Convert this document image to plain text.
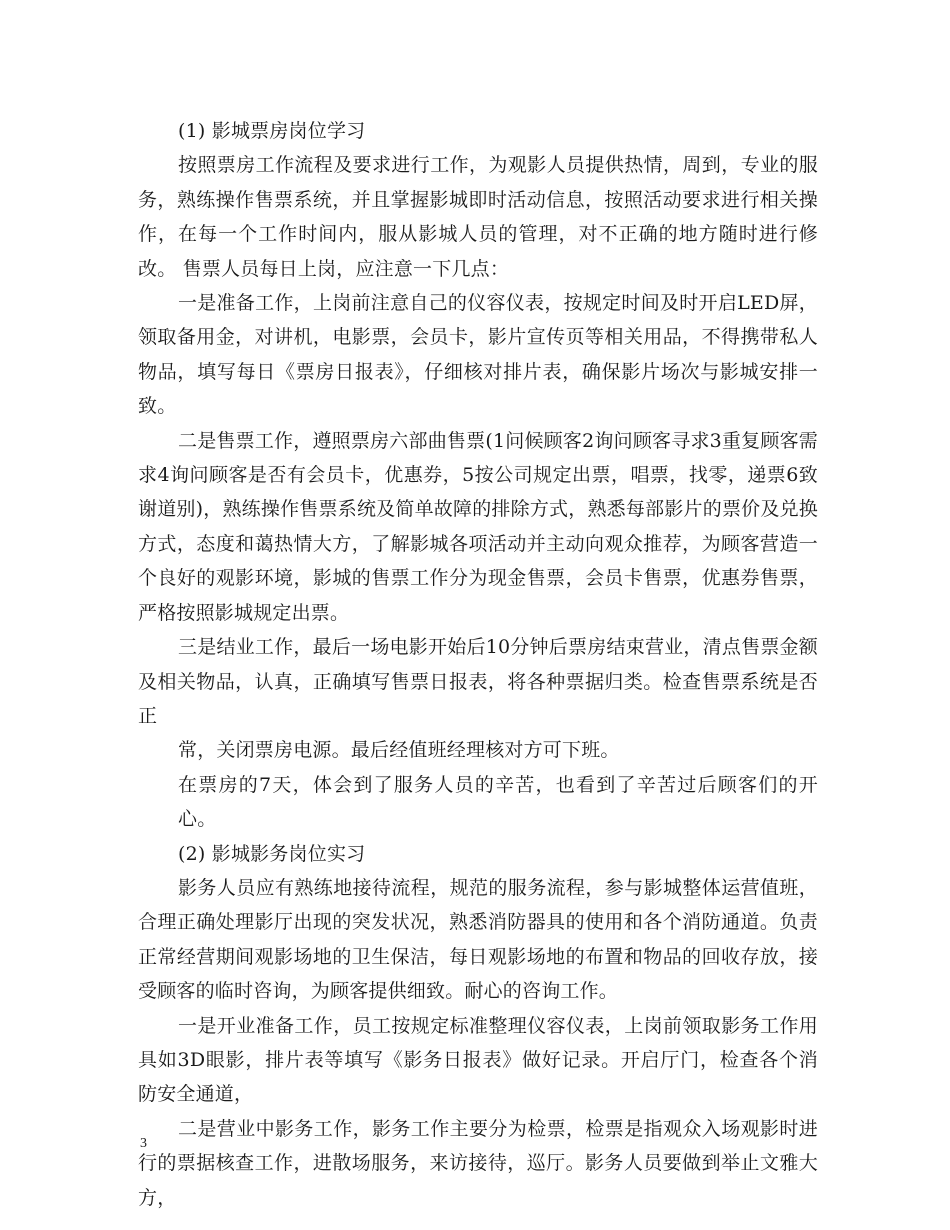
(1) 影城票房岗位学习

按照票房工作流程及要求进行工作，为观影人员提供热情，周到，专业的服务，熟练操作售票系统，并且掌握影城即时活动信息，按照活动要求进行相关操作，在每一个工作时间内，服从影城人员的管理，对不正确的地方随时进行修改。 售票人员每日上岗，应注意一下几点：

一是准备工作，上岗前注意自己的仪容仪表，按规定时间及时开启LED屏，领取备用金，对讲机，电影票，会员卡，影片宣传页等相关用品，不得携带私人物品，填写每日《票房日报表》，仔细核对排片表，确保影片场次与影城安排一致。

二是售票工作，遵照票房六部曲售票(1问候顾客2询问顾客寻求3重复顾客需求4询问顾客是否有会员卡，优惠券，5按公司规定出票，唱票，找零，递票6致谢道别)，熟练操作售票系统及简单故障的排除方式，熟悉每部影片的票价及兑换方式，态度和蔼热情大方，了解影城各项活动并主动向观众推荐，为顾客营造一个良好的观影环境，影城的售票工作分为现金售票，会员卡售票，优惠券售票，严格按照影城规定出票。

三是结业工作，最后一场电影开始后10分钟后票房结束营业，清点售票金额及相关物品，认真，正确填写售票日报表，将各种票据归类。检查售票系统是否正

常，关闭票房电源。最后经值班经理核对方可下班。

在票房的7天，体会到了服务人员的辛苦，也看到了辛苦过后顾客们的开心。

(2) 影城影务岗位实习

影务人员应有熟练地接待流程，规范的服务流程，参与影城整体运营值班，合理正确处理影厅出现的突发状况，熟悉消防器具的使用和各个消防通道。负责正常经营期间观影场地的卫生保洁，每日观影场地的布置和物品的回收存放，接受顾客的临时咨询，为顾客提供细致。耐心的咨询工作。

一是开业准备工作，员工按规定标准整理仪容仪表，上岗前领取影务工作用具如3D眼影，排片表等填写《影务日报表》做好记录。开启厅门，检查各个消防安全通道，

二是营业中影务工作，影务工作主要分为检票，检票是指观众入场观影时进行的票据核查工作，进散场服务，来访接待，巡厅。影务人员要做到举止文雅大方，

3
